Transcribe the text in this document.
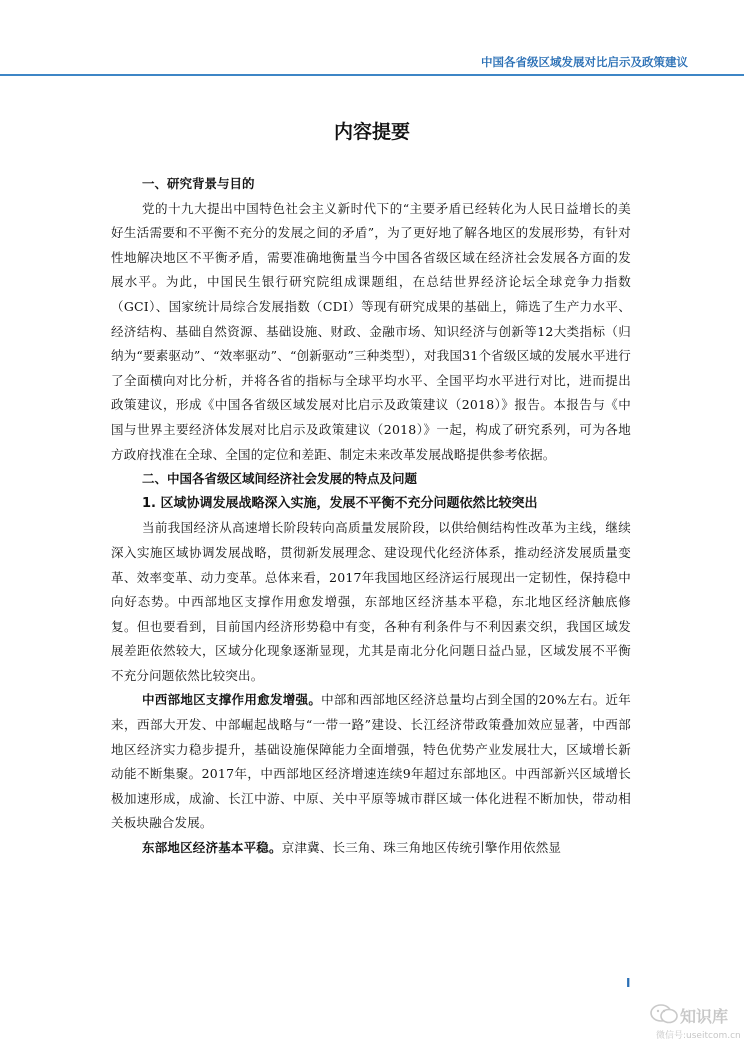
中国各省级区域发展对比启示及政策建议
内容提要
一、研究背景与目的

党的十九大提出中国特色社会主义新时代下的“主要矛盾已经转化为人民日益增长的美好生活需要和不平衡不充分的发展之间的矛盾”，为了更好地了解各地区的发展形势，有针对性地解决地区不平衡矛盾，需要准确地衡量当今中国各省级区域在经济社会发展各方面的发展水平。为此，中国民生银行研究院组成课题组，在总结世界经济论坛全球竞争力指数（GCI）、国家统计局综合发展指数（CDI）等现有研究成果的基础上，筛选了生产力水平、经济结构、基础自然资源、基础设施、财政、金融市场、知识经济与创新等12大类指标（归纳为“要素驱动”、“效率驱动”、“创新驱动”三种类型），对我国31个省级区域的发展水平进行了全面横向对比分析，并将各省的指标与全球平均水平、全国平均水平进行对比，进而提出政策建议，形成《中国各省级区域发展对比启示及政策建议（2018）》报告。本报告与《中国与世界主要经济体发展对比启示及政策建议（2018）》一起，构成了研究系列，可为各地方政府找准在全球、全国的定位和差距、制定未来改革发展战略提供参考依据。

二、中国各省级区域间经济社会发展的特点及问题
1. 区域协调发展战略深入实施，发展不平衡不充分问题依然比较突出

当前我国经济从高速增长阶段转向高质量发展阶段，以供给侧结构性改革为主线，继续深入实施区域协调发展战略，贯彻新发展理念、建设现代化经济体系，推动经济发展质量变革、效率变革、动力变革。总体来看，2017年我国地区经济运行展现出一定韧性，保持稳中向好态势。中西部地区支撑作用愈发增强，东部地区经济基本平稳，东北地区经济触底修复。但也要看到，目前国内经济形势稳中有变，各种有利条件与不利因素交织，我国区域发展差距依然较大，区域分化现象逐渐显现，尤其是南北分化问题日益凸显，区域发展不平衡不充分问题依然比较突出。

中西部地区支撑作用愈发增强。中部和西部地区经济总量均占到全国的20%左右。近年来，西部大开发、中部崛起战略与“一带一路”建设、长江经济带政策叠加效应显著，中西部地区经济实力稳步提升，基础设施保障能力全面增强，特色优势产业发展壮大，区域增长新动能不断集聚。2017年，中西部地区经济增速连续9年超过东部地区。中西部新兴区域增长极加速形成，成渝、长江中游、中原、关中平原等城市群区域一体化进程不断加快，带动相关板块融合发展。

东部地区经济基本平稳。京津冀、长三角、珠三角地区传统引擎作用依然显

I
知识库
微信号:useitcom.cn
